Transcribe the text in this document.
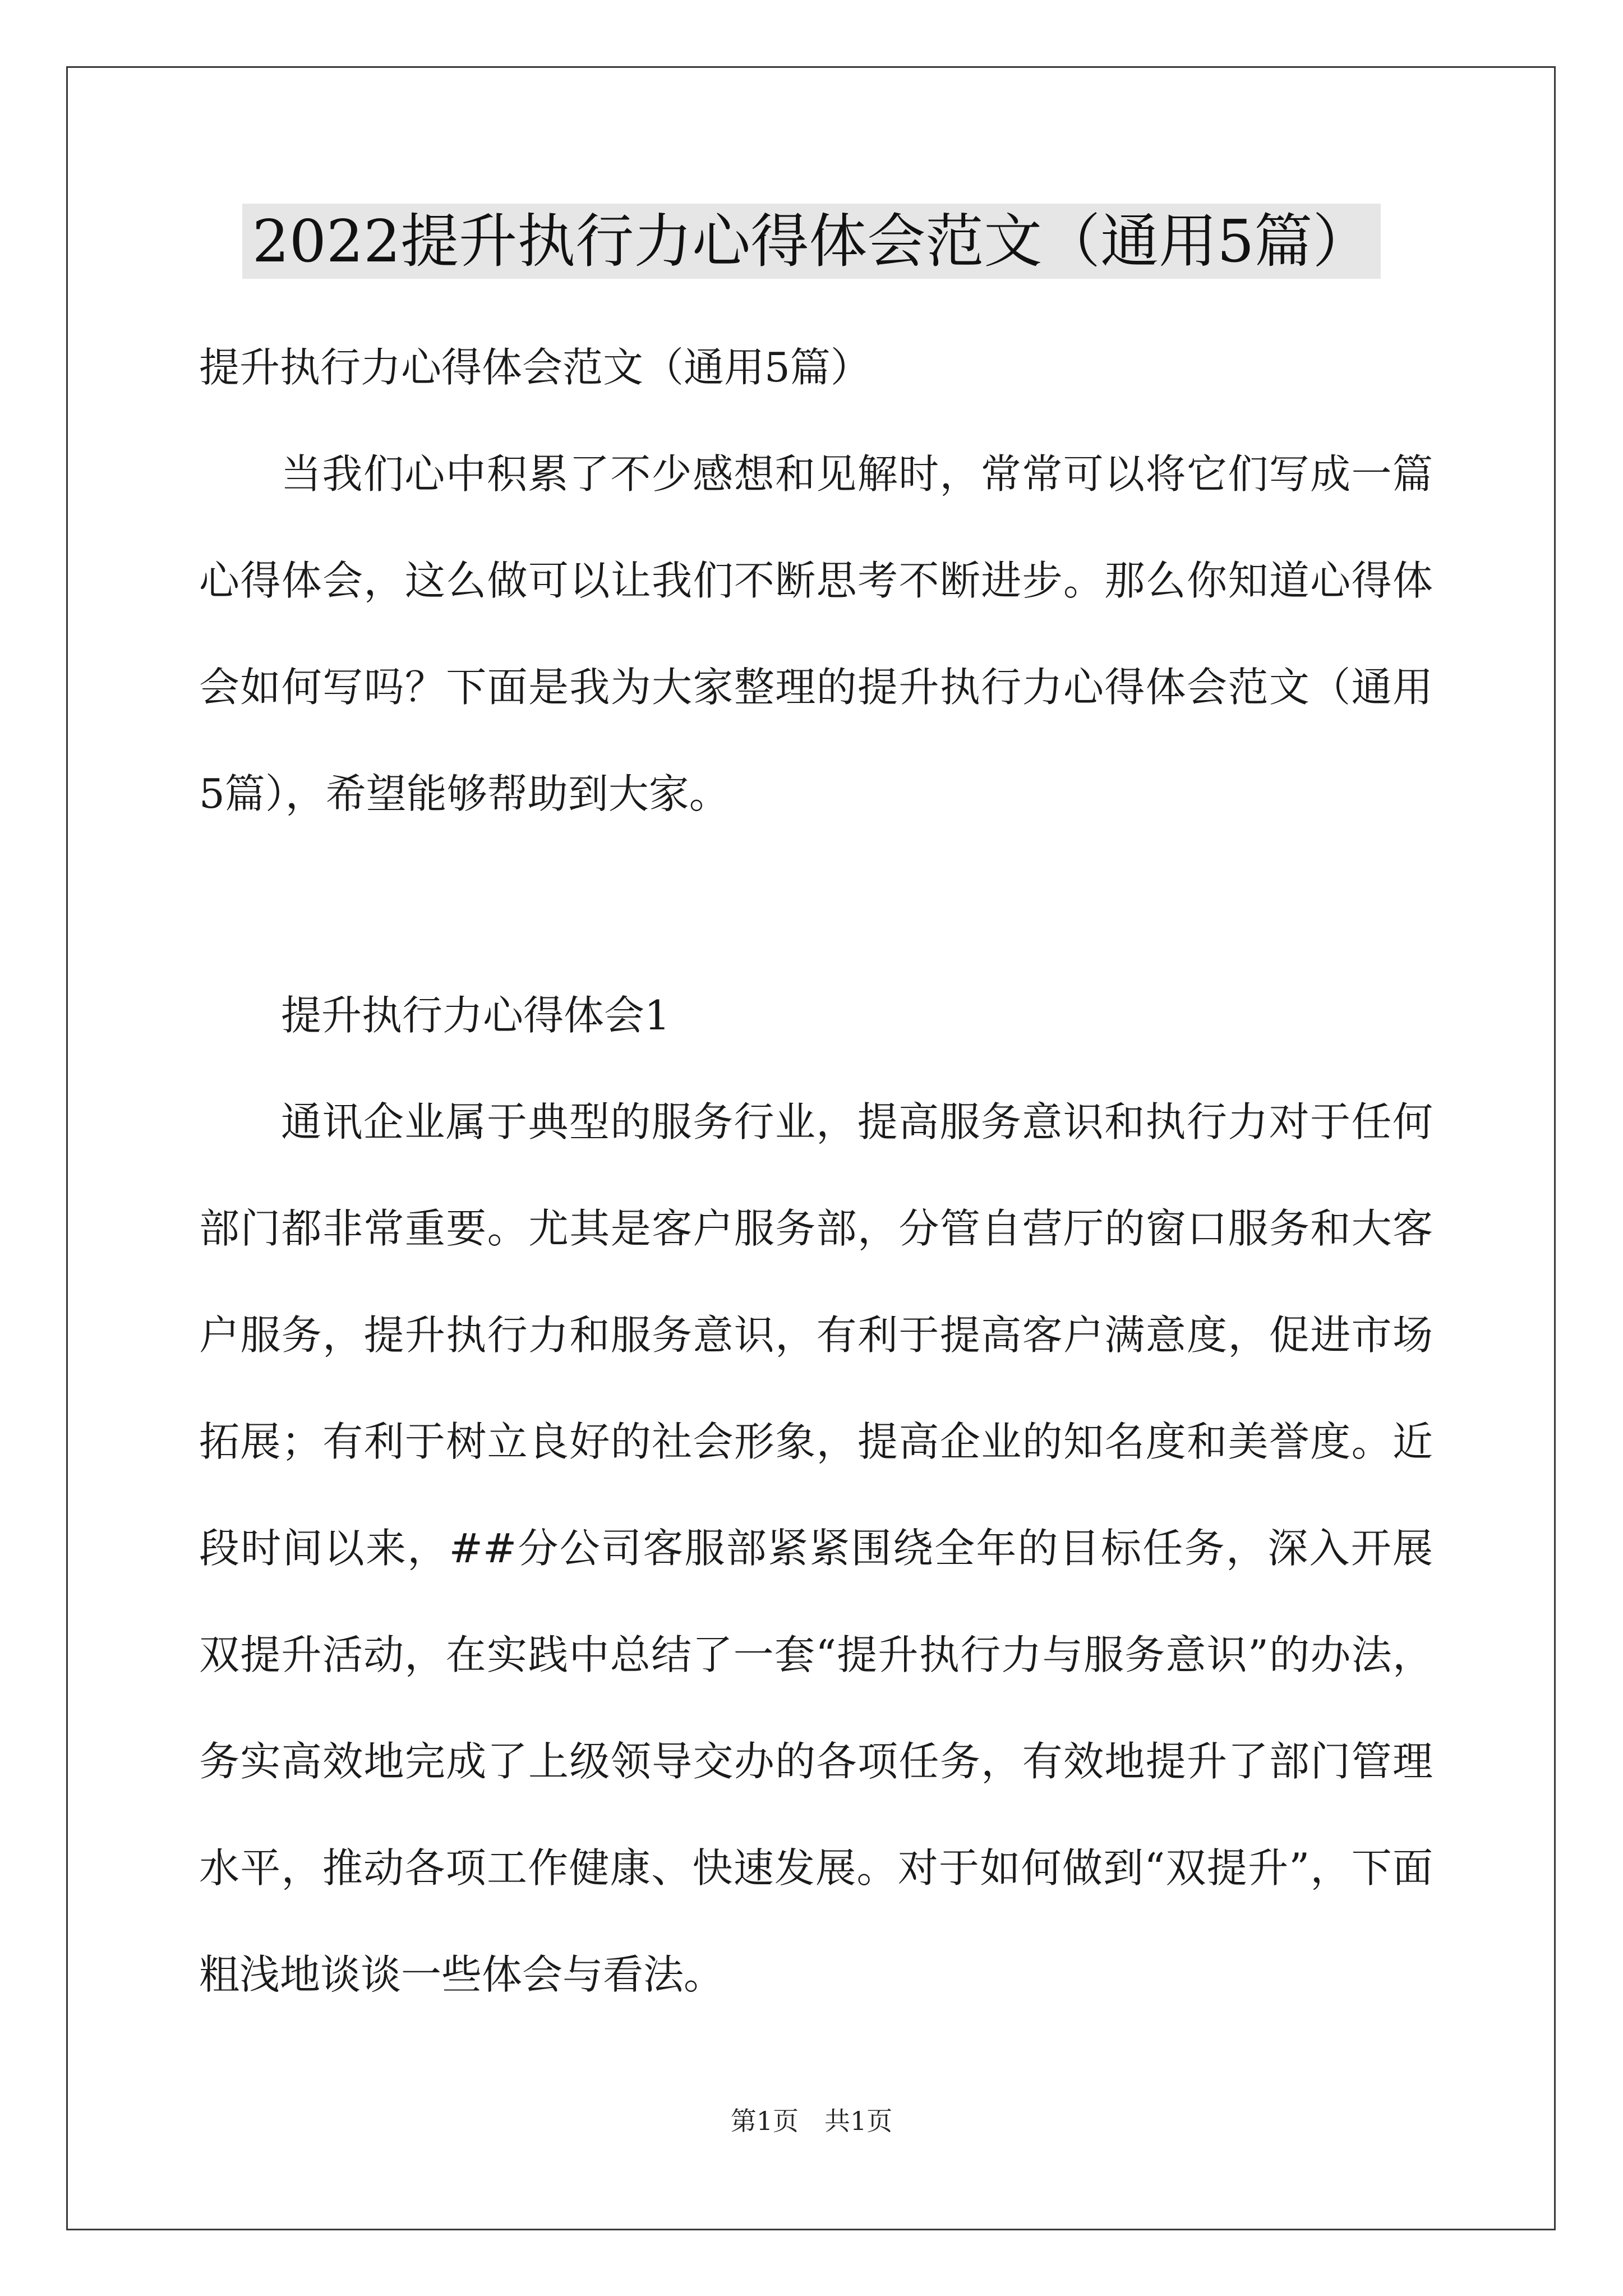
2022提升执行力心得体会范文（通用5篇）
提升执行力心得体会范文（通用5篇）
当我们心中积累了不少感想和见解时，常常可以将它们写成一篇心得体会，这么做可以让我们不断思考不断进步。那么你知道心得体会如何写吗？下面是我为大家整理的提升执行力心得体会范文（通用5篇），希望能够帮助到大家。
提升执行力心得体会1
通讯企业属于典型的服务行业，提高服务意识和执行力对于任何部门都非常重要。尤其是客户服务部，分管自营厅的窗口服务和大客户服务，提升执行力和服务意识，有利于提高客户满意度，促进市场拓展；有利于树立良好的社会形象，提高企业的知名度和美誉度。近段时间以来，##分公司客服部紧紧围绕全年的目标任务，深入开展双提升活动，在实践中总结了一套“提升执行力与服务意识”的办法，务实高效地完成了上级领导交办的各项任务，有效地提升了部门管理水平，推动各项工作健康、快速发展。对于如何做到“双提升”，下面粗浅地谈谈一些体会与看法。
第1页　共1页
